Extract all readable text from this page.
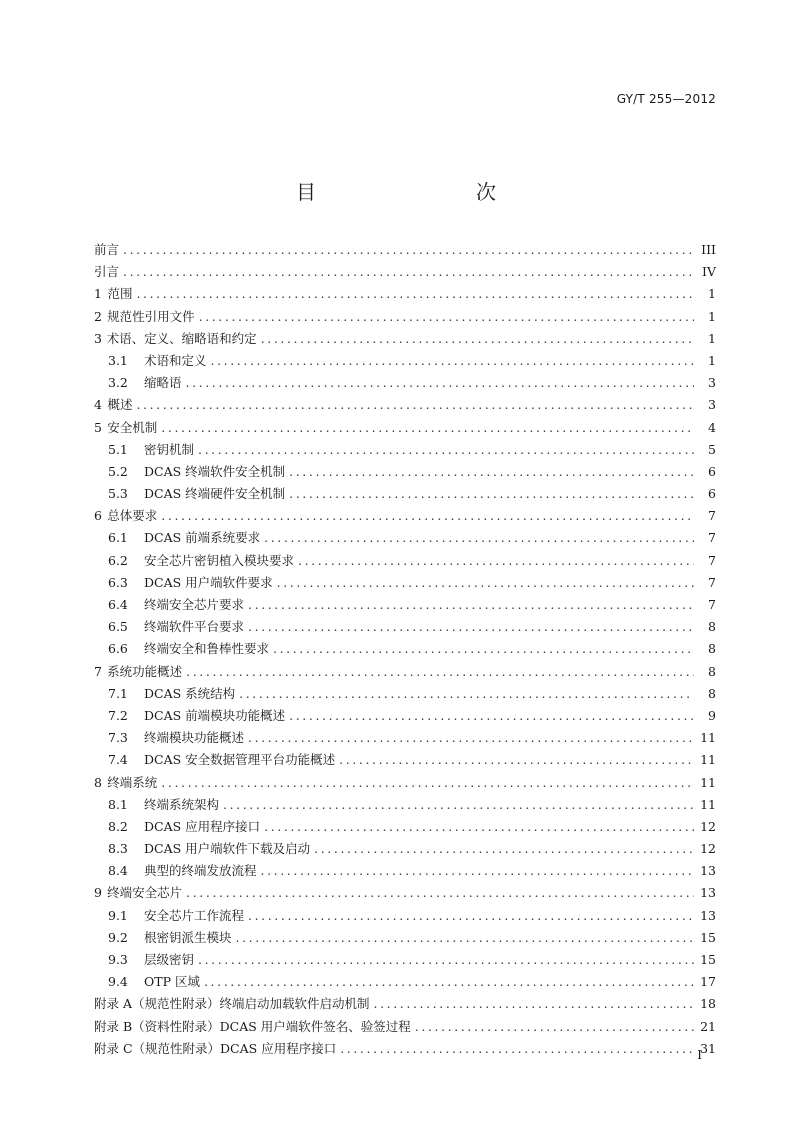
GY/T 255—2012
目　　次
前言 .....	III
引言 .....	IV
1 范围 .....	1
2 规范性引用文件 .....	1
3 术语、定义、缩略语和约定 .....	1
3.1	术语和定义 .....	1
3.2	缩略语 .....	3
4 概述 .....	3
5 安全机制 .....	4
5.1	密钥机制 .....	5
5.2	DCAS 终端软件安全机制 .....	6
5.3	DCAS 终端硬件安全机制 .....	6
6 总体要求 .....	7
6.1	DCAS 前端系统要求 .....	7
6.2	安全芯片密钥植入模块要求 .....	7
6.3	DCAS 用户端软件要求 .....	7
6.4	终端安全芯片要求 .....	7
6.5	终端软件平台要求 .....	8
6.6	终端安全和鲁棒性要求 .....	8
7 系统功能概述 .....	8
7.1	DCAS 系统结构 .....	8
7.2	DCAS 前端模块功能概述 .....	9
7.3	终端模块功能概述 .....	11
7.4	DCAS 安全数据管理平台功能概述 .....	11
8 终端系统 .....	11
8.1	终端系统架构 .....	11
8.2	DCAS 应用程序接口 .....	12
8.3	DCAS 用户端软件下载及启动 .....	12
8.4	典型的终端发放流程 .....	13
9 终端安全芯片 .....	13
9.1	安全芯片工作流程 .....	13
9.2	根密钥派生模块 .....	15
9.3	层级密钥 .....	15
9.4	OTP 区域 .....	17
附录 A（规范性附录）终端启动加载软件启动机制 .....	18
附录 B（资料性附录）DCAS 用户端软件签名、验签过程 .....	21
附录 C（规范性附录）DCAS 应用程序接口 .....	31
I
